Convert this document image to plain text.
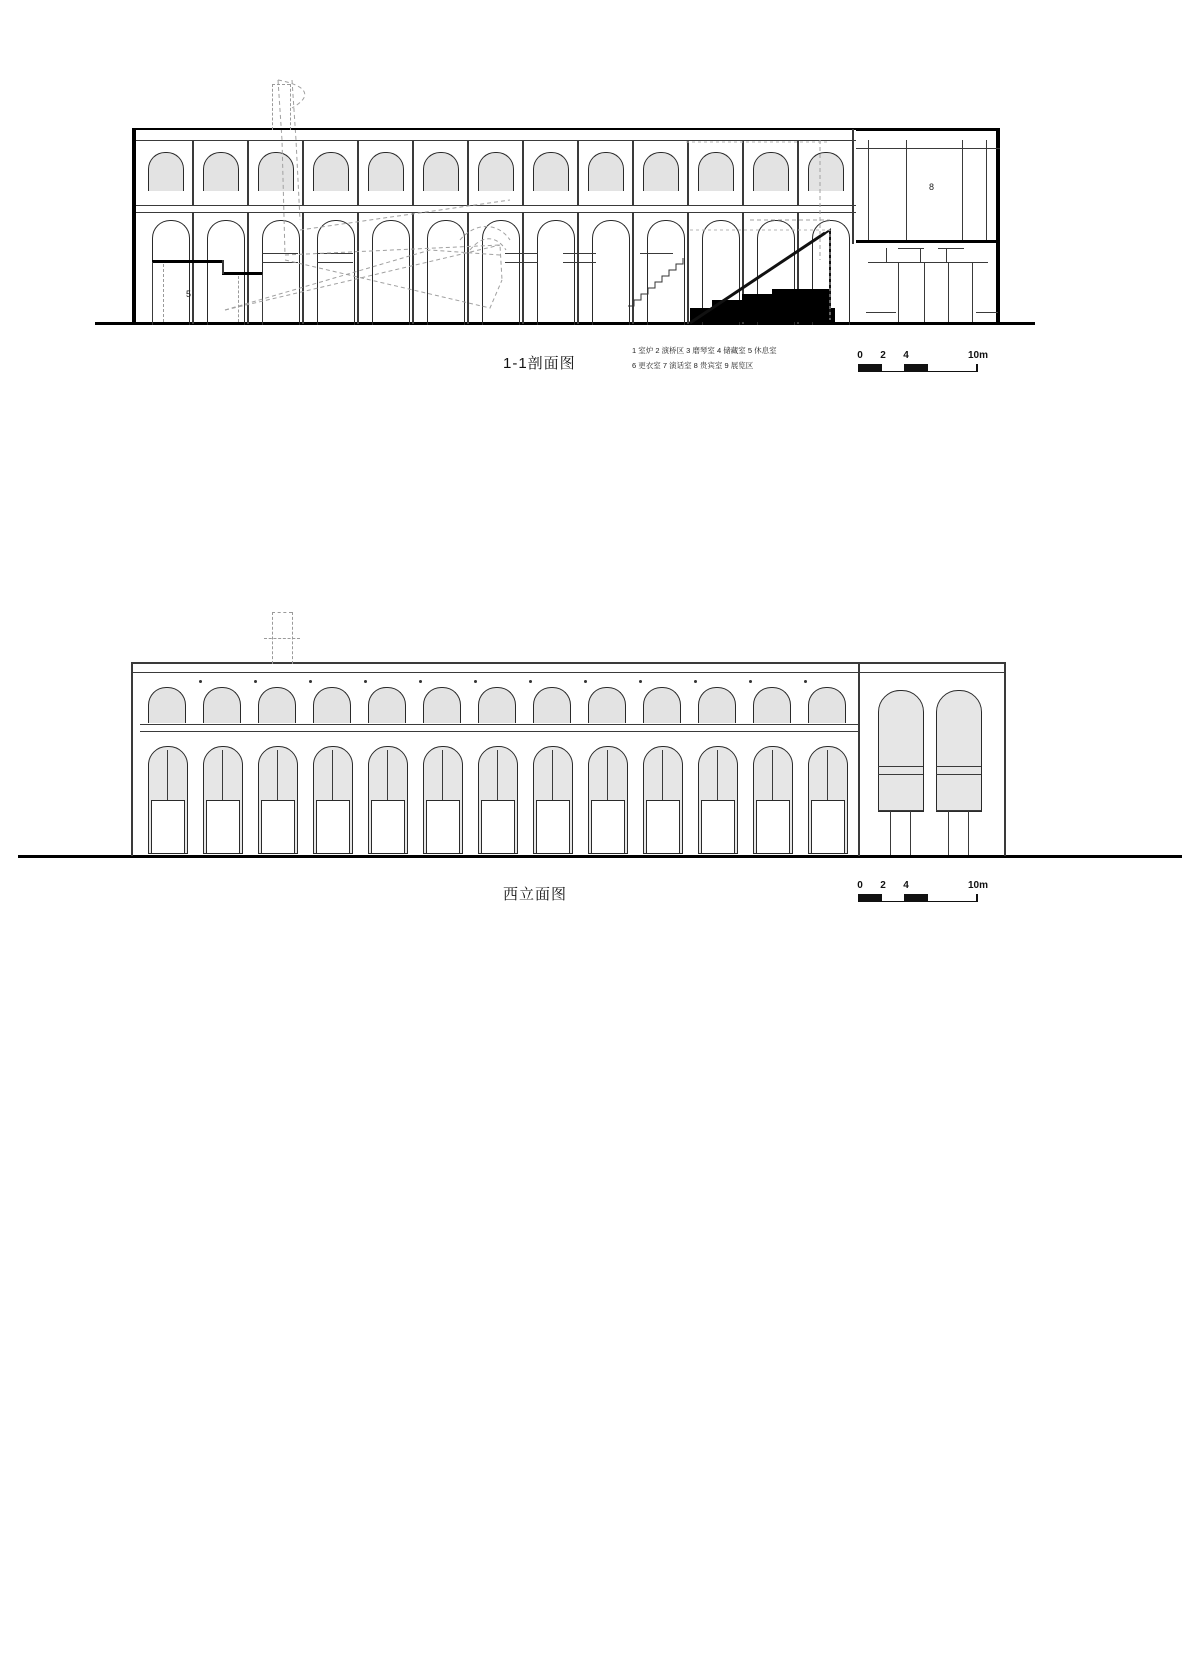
5
8
1-1剖面图
1 室炉 2 演桥区 3 磨琴室 4 储藏室 5 休息室
6 更衣室 7 演话室 8 贵宾室 9 展览区
0 2 4	10m
西立面图
0 2 4	10m
